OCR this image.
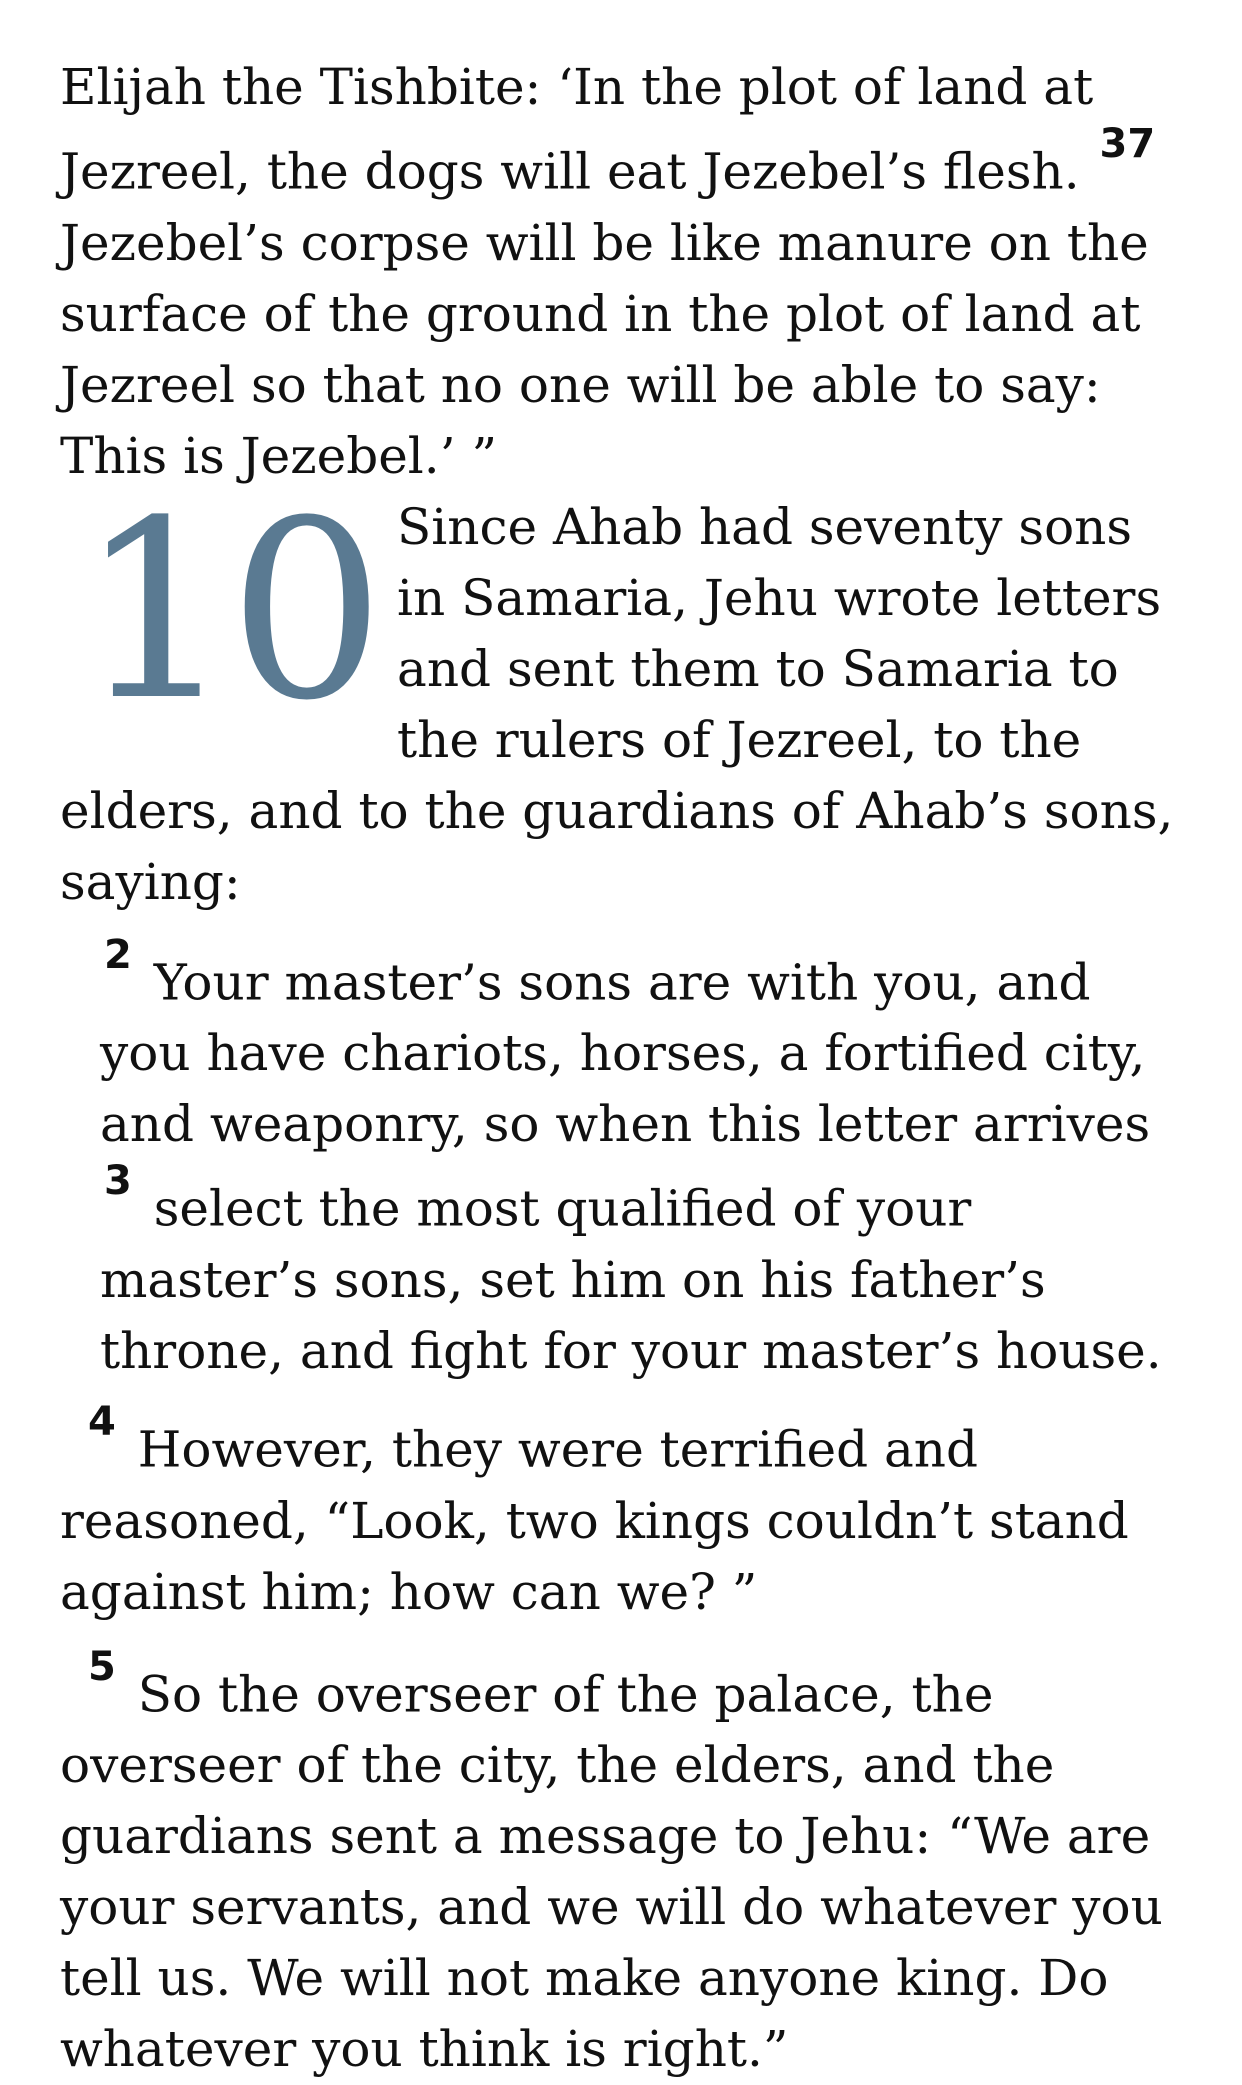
Elijah the Tishbite: ‘In the plot of land at Jezreel, the dogs will eat Jezebel’s flesh. $^{37}$ Jezebel’s corpse will be like manure on the surface of the ground in the plot of land at Jezreel so that no one will be able to say: This is Jezebel.’ ”

10 Since Ahab had seventy sons in Samaria, Jehu wrote letters and sent them to Samaria to the rulers of Jezreel, to the elders, and to the guardians of Ahab’s sons, saying:

$^2$ Your master’s sons are with you, and you have chariots, horses, a fortified city, and weaponry, so when this letter arrives $^3$ select the most qualified of your master’s sons, set him on his father’s throne, and fight for your master’s house.

$^4$ However, they were terrified and reasoned, “Look, two kings couldn’t stand against him; how can we? ”

$^5$ So the overseer of the palace, the overseer of the city, the elders, and the guardians sent a message to Jehu: “We are your servants, and we will do whatever you tell us. We will not make anyone king. Do whatever you think is right.”
